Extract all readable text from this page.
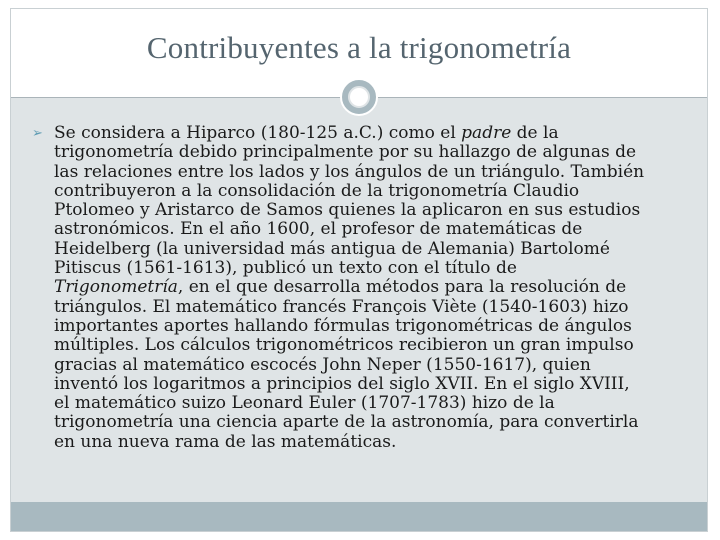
Contribuyentes a la trigonometría
➢ Se considera a Hiparco (180-125 a.C.) como el padre de la
trigonometría debido principalmente por su hallazgo de algunas de
las relaciones entre los lados y los ángulos de un triángulo. También
contribuyeron a la consolidación de la trigonometría Claudio
Ptolomeo y Aristarco de Samos quienes la aplicaron en sus estudios
astronómicos. En el año 1600, el profesor de matemáticas de
Heidelberg (la universidad más antigua de Alemania) Bartolomé
Pitiscus (1561-1613), publicó un texto con el título de
Trigonometría, en el que desarrolla métodos para la resolución de
triángulos. El matemático francés François Viète (1540-1603) hizo
importantes aportes hallando fórmulas trigonométricas de ángulos
múltiples. Los cálculos trigonométricos recibieron un gran impulso
gracias al matemático escocés John Neper (1550-1617), quien
inventó los logaritmos a principios del siglo XVII. En el siglo XVIII,
el matemático suizo Leonard Euler (1707-1783) hizo de la
trigonometría una ciencia aparte de la astronomía, para convertirla
en una nueva rama de las matemáticas.
